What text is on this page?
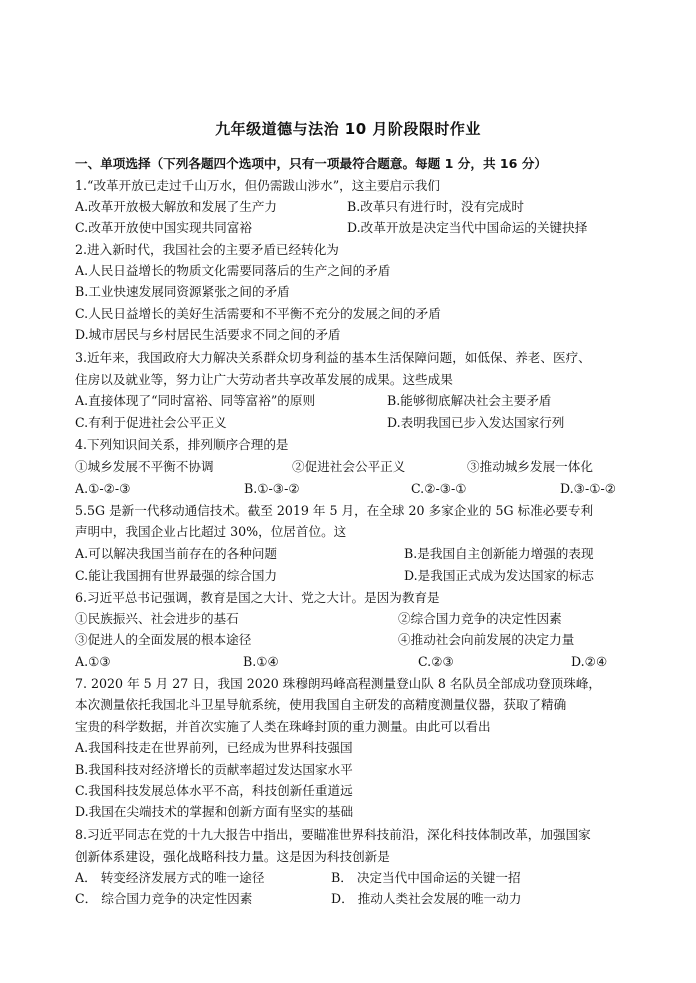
九年级道德与法治 10 月阶段限时作业
一、单项选择（下列各题四个选项中，只有一项最符合题意。每题 1 分，共 16 分）
1.“改革开放已走过千山万水，但仍需跋山涉水”，这主要启示我们
A.改革开放极大解放和发展了生产力	B.改革只有进行时，没有完成时
C.改革开放使中国实现共同富裕	D.改革开放是决定当代中国命运的关键抉择
2.进入新时代，我国社会的主要矛盾已经转化为
A.人民日益增长的物质文化需要同落后的生产之间的矛盾
B.工业快速发展同资源紧张之间的矛盾
C.人民日益增长的美好生活需要和不平衡不充分的发展之间的矛盾
D.城市居民与乡村居民生活要求不同之间的矛盾
3.近年来，我国政府大力解决关系群众切身利益的基本生活保障问题，如低保、养老、医疗、
住房以及就业等，努力让广大劳动者共享改革发展的成果。这些成果
A.直接体现了“同时富裕、同等富裕”的原则	B.能够彻底解决社会主要矛盾
C.有利于促进社会公平正义	D.表明我国已步入发达国家行列
4.下列知识间关系，排列顺序合理的是
①城乡发展不平衡不协调	②促进社会公平正义	③推动城乡发展一体化
A.①-②-③	B.①-③-②	C.②-③-①	D.③-①-②
5.5G 是新一代移动通信技术。截至 2019 年 5 月，在全球 20 多家企业的 5G 标准必要专利
声明中，我国企业占比超过 30%，位居首位。这
A.可以解决我国当前存在的各种问题	B.是我国自主创新能力增强的表现
C.能让我国拥有世界最强的综合国力	D.是我国正式成为发达国家的标志
6.习近平总书记强调，教育是国之大计、党之大计。是因为教育是
①民族振兴、社会进步的基石	②综合国力竞争的决定性因素
③促进人的全面发展的根本途径	④推动社会向前发展的决定力量
A.①③	B.①④	C.②③	D.②④
7. 2020 年 5 月 27 日，我国 2020 珠穆朗玛峰高程测量登山队 8 名队员全部成功登顶珠峰，
本次测量依托我国北斗卫星导航系统，使用我国自主研发的高精度测量仪器，获取了精确
宝贵的科学数据，并首次实施了人类在珠峰封顶的重力测量。由此可以看出
A.我国科技走在世界前列，已经成为世界科技强国
B.我国科技对经济增长的贡献率超过发达国家水平
C.我国科技发展总体水平不高，科技创新任重道远
D.我国在尖端技术的掌握和创新方面有坚实的基础
8.习近平同志在党的十九大报告中指出，要瞄准世界科技前沿，深化科技体制改革，加强国家
创新体系建设，强化战略科技力量。这是因为科技创新是
A． 转变经济发展方式的唯一途径	B． 决定当代中国命运的关键一招
C． 综合国力竞争的决定性因素	D． 推动人类社会发展的唯一动力
